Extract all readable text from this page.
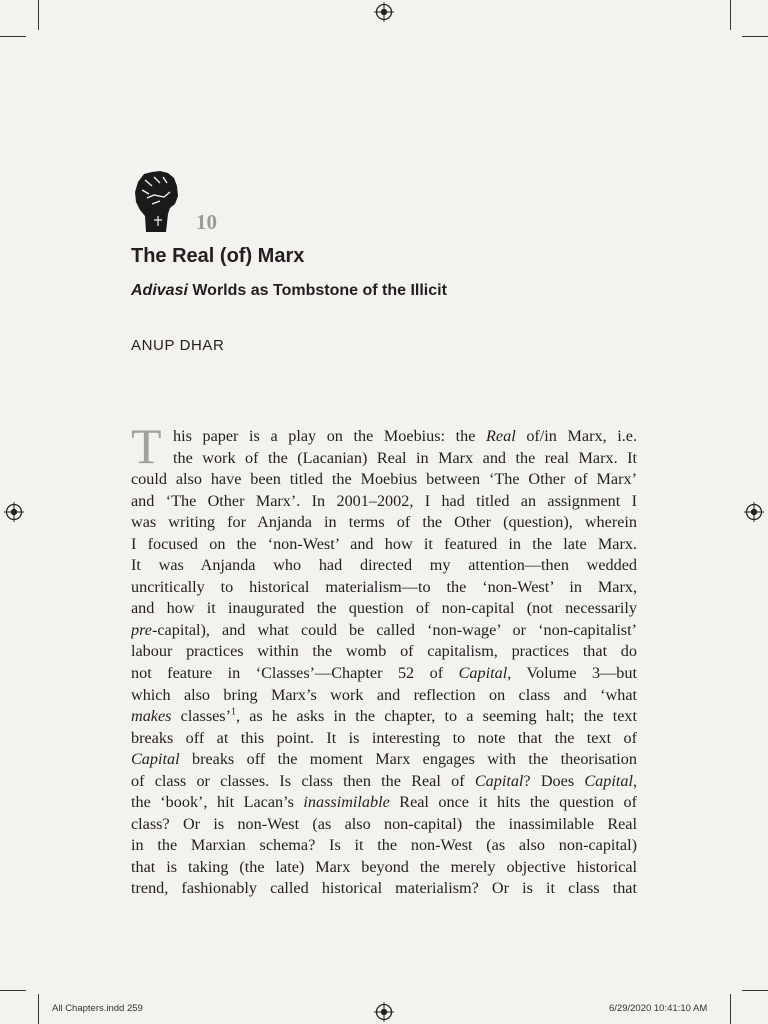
10
The Real (of) Marx
Adivasi Worlds as Tombstone of the Illicit
ANUP DHAR
T his paper is a play on the Moebius: the Real of/in Marx, i.e.
the work of the (Lacanian) Real in Marx and the real Marx. It
could also have been titled the Moebius between ‘The Other of Marx’
and ‘The Other Marx’. In 2001–2002, I had titled an assignment I
was writing for Anjanda in terms of the Other (question), wherein
I focused on the ‘non-West’ and how it featured in the late Marx.
It was Anjanda who had directed my attention—then wedded
uncritically to historical materialism—to the ‘non-West’ in Marx,
and how it inaugurated the question of non-capital (not necessarily
pre-capital), and what could be called ‘non-wage’ or ‘non-capitalist’
labour practices within the womb of capitalism, practices that do
not feature in ‘Classes’—Chapter 52 of Capital, Volume 3—but
which also bring Marx’s work and reflection on class and ‘what
makes classes’$^1$, as he asks in the chapter, to a seeming halt; the text
breaks off at this point. It is interesting to note that the text of
Capital breaks off the moment Marx engages with the theorisation
of class or classes. Is class then the Real of Capital? Does Capital,
the ‘book’, hit Lacan’s inassimilable Real once it hits the question of
class? Or is non-West (as also non-capital) the inassimilable Real
in the Marxian schema? Is it the non-West (as also non-capital)
that is taking (the late) Marx beyond the merely objective historical
trend, fashionably called historical materialism? Or is it class that
All Chapters.indd 259	6/29/2020 10:41:10 AM
